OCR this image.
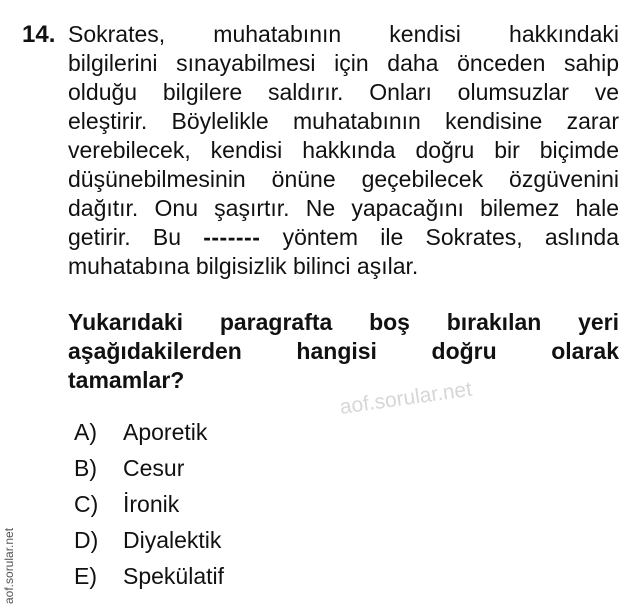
14. Sokrates, muhatabının kendisi hakkındaki
bilgilerini sınayabilmesi için daha önceden sahip
olduğu bilgilere saldırır. Onları olumsuzlar ve
eleştirir. Böylelikle muhatabının kendisine zarar
verebilecek, kendisi hakkında doğru bir biçimde
düşünebilmesinin önüne geçebilecek özgüvenini
dağıtır. Onu şaşırtır. Ne yapacağını bilemez hale
getirir. Bu ------- yöntem ile Sokrates, aslında
muhatabına bilgisizlik bilinci aşılar.
Yukarıdaki paragrafta boş bırakılan yeri
aşağıdakilerden hangisi doğru olarak
tamamlar?	aof.sorular.net
A)	Aporetik
B)	Cesur
C)	İronik
D)	Diyalektik
E)	Spekülatif
aof.sorular.net
